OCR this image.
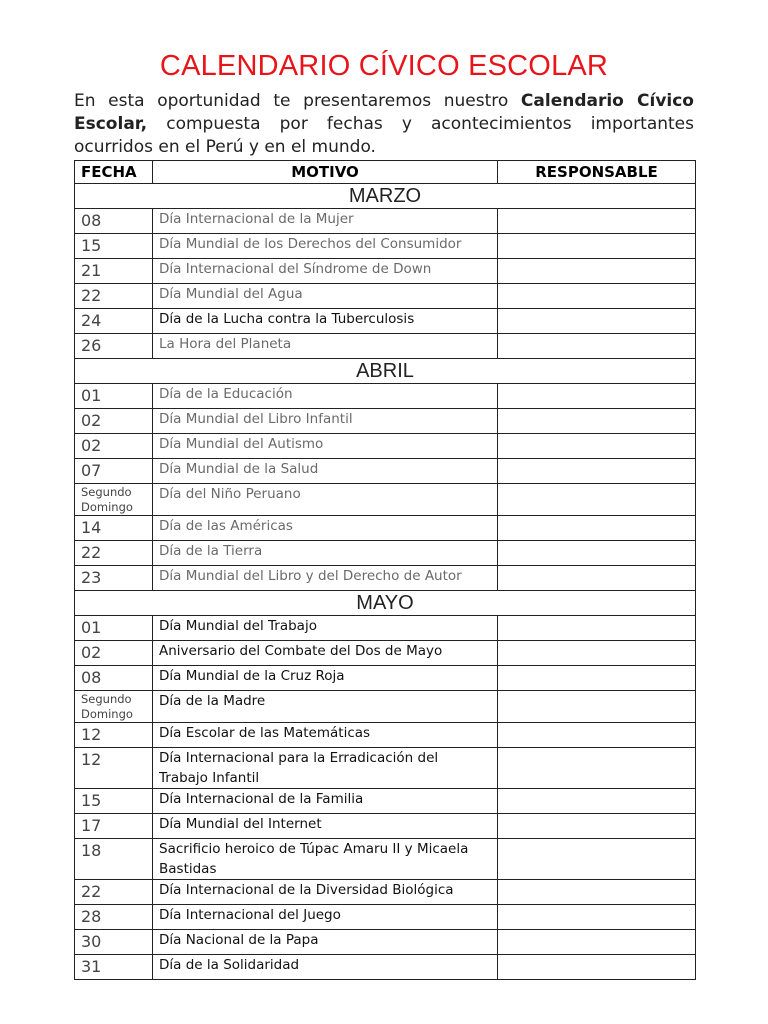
CALENDARIO CÍVICO ESCOLAR
En esta oportunidad te presentaremos nuestro Calendario Cívico Escolar, compuesta por fechas y acontecimientos importantes ocurridos en el Perú y en el mundo.
FECHA	MOTIVO	RESPONSABLE
MARZO		
08	Día Internacional de la Mujer	
15	Día Mundial de los Derechos del Consumidor	
21	Día Internacional del Síndrome de Down	
22	Día Mundial del Agua	
24	Día de la Lucha contra la Tuberculosis	
26	La Hora del Planeta	
ABRIL		
01	Día de la Educación	
02	Día Mundial del Libro Infantil	
02	Día Mundial del Autismo	
07	Día Mundial de la Salud	
Segundo Domingo	Día del Niño Peruano	
14	Día de las Américas	
22	Día de la Tierra	
23	Día Mundial del Libro y del Derecho de Autor	
MAYO		
01	Día Mundial del Trabajo	
02	Aniversario del Combate del Dos de Mayo	
08	Día Mundial de la Cruz Roja	
Segundo Domingo	Día de la Madre	
12	Día Escolar de las Matemáticas	
12	Día Internacional para la Erradicación del Trabajo Infantil	
15	Día Internacional de la Familia	
17	Día Mundial del Internet	
18	Sacrificio heroico de Túpac Amaru II y Micaela Bastidas	
22	Día Internacional de la Diversidad Biológica	
28	Día Internacional del Juego	
30	Día Nacional de la Papa	
31	Día de la Solidaridad	
